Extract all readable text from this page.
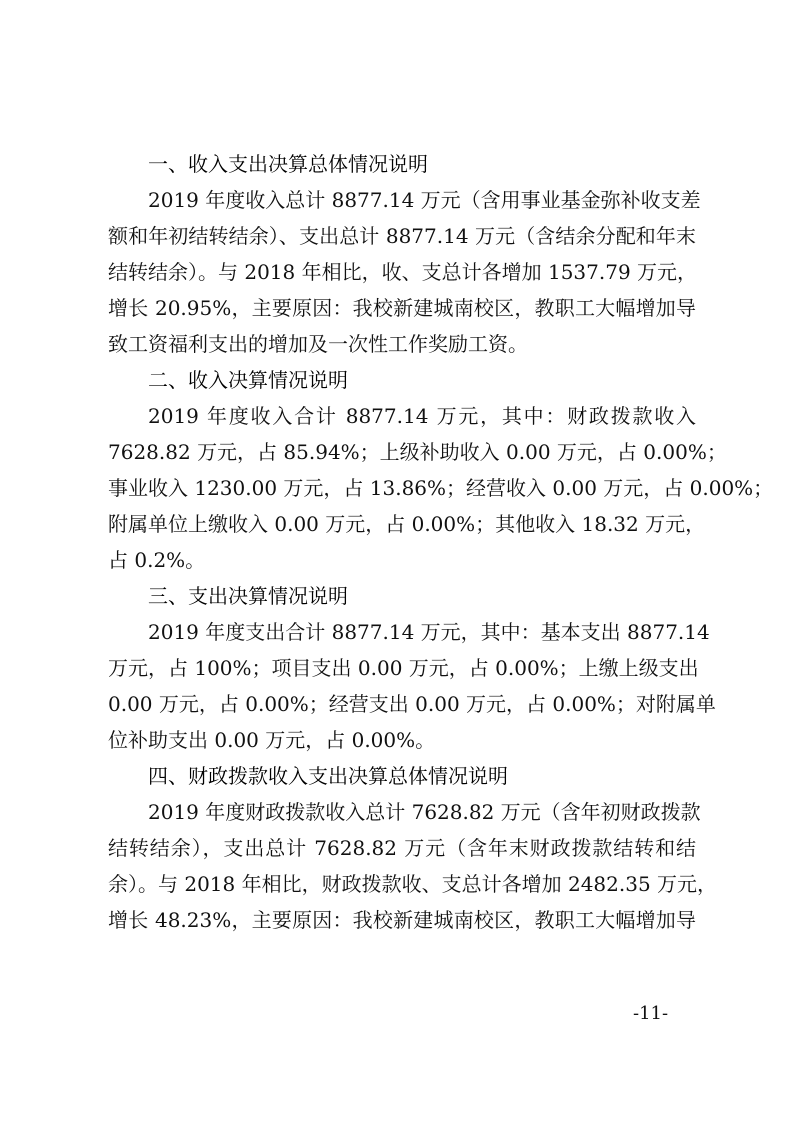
一、收入支出决算总体情况说明
2019 年度收入总计 8877.14 万元（含用事业基金弥补收支差
额和年初结转结余）、支出总计 8877.14 万元（含结余分配和年末
结转结余）。与 2018 年相比，收、支总计各增加 1537.79 万元，
增长 20.95%，主要原因：我校新建城南校区，教职工大幅增加导
致工资福利支出的增加及一次性工作奖励工资。
二、收入决算情况说明
2019 年度收入合计 8877.14 万元，其中：财政拨款收入
7628.82 万元，占 85.94%；上级补助收入 0.00 万元，占 0.00%；
事业收入 1230.00 万元，占 13.86%；经营收入 0.00 万元，占 0.00%；
附属单位上缴收入 0.00 万元，占 0.00%；其他收入 18.32 万元，
占 0.2%。
三、支出决算情况说明
2019 年度支出合计 8877.14 万元，其中：基本支出 8877.14
万元，占 100%；项目支出 0.00 万元，占 0.00%；上缴上级支出
0.00 万元，占 0.00%；经营支出 0.00 万元，占 0.00%；对附属单
位补助支出 0.00 万元，占 0.00%。
四、财政拨款收入支出决算总体情况说明
2019 年度财政拨款收入总计 7628.82 万元（含年初财政拨款
结转结余），支出总计 7628.82 万元（含年末财政拨款结转和结
余）。与 2018 年相比，财政拨款收、支总计各增加 2482.35 万元，
增长 48.23%，主要原因：我校新建城南校区，教职工大幅增加导
-11-
